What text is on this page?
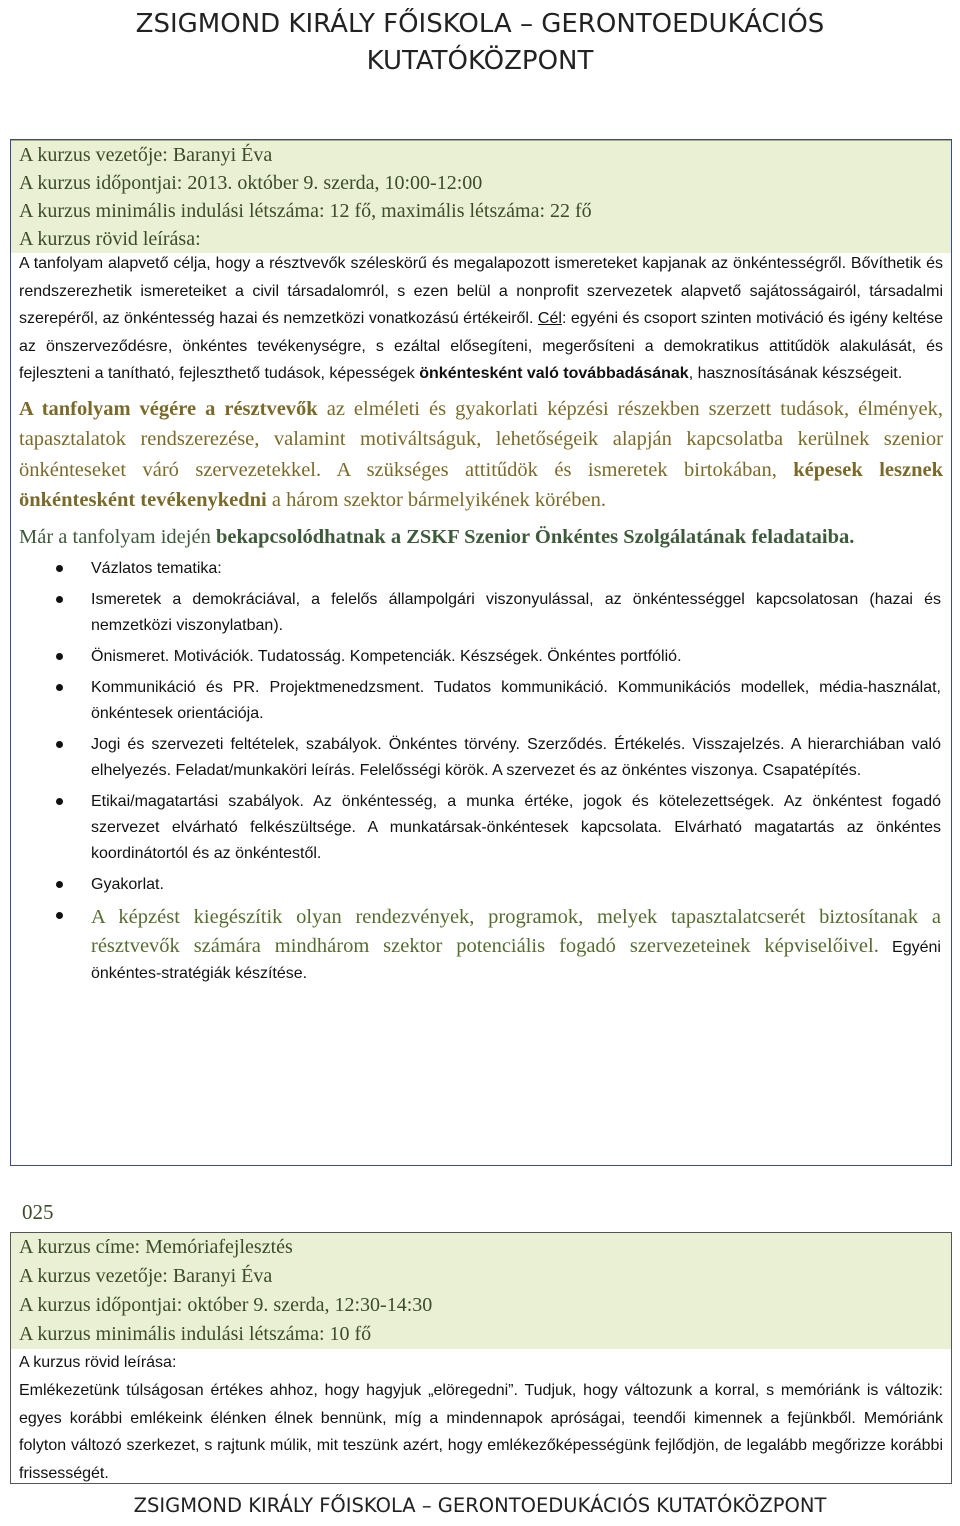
ZSIGMOND KIRÁLY FŐISKOLA – GERONTOEDUKÁCIÓS
KUTATÓKÖZPONT
A kurzus vezetője: Baranyi Éva
A kurzus időpontjai: 2013. október 9. szerda, 10:00-12:00
A kurzus minimális indulási létszáma: 12 fő, maximális létszáma: 22 fő
A kurzus rövid leírása:
A tanfolyam alapvető célja, hogy a résztvevők széleskörű és megalapozott ismereteket kapjanak az önkéntességről. Bővíthetik és rendszerezhetik ismereteiket a civil társadalomról, s ezen belül a nonprofit szervezetek alapvető sajátosságairól, társadalmi szerepéről, az önkéntesség hazai és nemzetközi vonatkozású értékeiről. Cél: egyéni és csoport szinten motiváció és igény keltése az önszerveződésre, önkéntes tevékenységre, s ezáltal elősegíteni, megerősíteni a demokratikus attitűdök alakulását, és fejleszteni a tanítható, fejleszthető tudások, képességek önkéntesként való továbbadásának, hasznosításának készségeit.
A tanfolyam végére a résztvevők az elméleti és gyakorlati képzési részekben szerzett tudások, élmények, tapasztalatok rendszerezése, valamint motiváltságuk, lehetőségeik alapján kapcsolatba kerülnek szenior önkénteseket váró szervezetekkel. A szükséges attitűdök és ismeretek birtokában, képesek lesznek önkéntesként tevékenykedni a három szektor bármelyikének körében.
Már a tanfolyam idején bekapcsolódhatnak a ZSKF Szenior Önkéntes Szolgálatának feladataiba.
Vázlatos tematika:
Ismeretek a demokráciával, a felelős állampolgári viszonyulással, az önkéntességgel kapcsolatosan (hazai és nemzetközi viszonylatban).
Önismeret. Motivációk. Tudatosság. Kompetenciák. Készségek. Önkéntes portfólió.
Kommunikáció és PR. Projektmenedzsment. Tudatos kommunikáció. Kommunikációs modellek, média-használat, önkéntesek orientációja.
Jogi és szervezeti feltételek, szabályok. Önkéntes törvény. Szerződés. Értékelés. Visszajelzés. A hierarchiában való elhelyezés. Feladat/munkaköri leírás. Felelősségi körök. A szervezet és az önkéntes viszonya. Csapatépítés.
Etikai/magatartási szabályok. Az önkéntesség, a munka értéke, jogok és kötelezettségek. Az önkéntest fogadó szervezet elvárható felkészültsége. A munkatársak-önkéntesek kapcsolata. Elvárható magatartás az önkéntes koordinátortól és az önkéntestől.
Gyakorlat.
A képzést kiegészítik olyan rendezvények, programok, melyek tapasztalatcserét biztosítanak a résztvevők számára mindhárom szektor potenciális fogadó szervezeteinek képviselőivel. Egyéni önkéntes-stratégiák készítése.
025
A kurzus címe: Memóriafejlesztés
A kurzus vezetője: Baranyi Éva
A kurzus időpontjai: október 9. szerda, 12:30-14:30
A kurzus minimális indulási létszáma: 10 fő
A kurzus rövid leírása:
Emlékezetünk túlságosan értékes ahhoz, hogy hagyjuk „elöregedni”. Tudjuk, hogy változunk a korral, s memóriánk is változik: egyes korábbi emlékeink élénken élnek bennünk, míg a mindennapok apróságai, teendői kimennek a fejünkből. Memóriánk folyton változó szerkezet, s rajtunk múlik, mit teszünk azért, hogy emlékezőképességünk fejlődjön, de legalább megőrizze korábbi frissességét.
ZSIGMOND KIRÁLY FŐISKOLA – GERONTOEDUKÁCIÓS KUTATÓKÖZPONT
